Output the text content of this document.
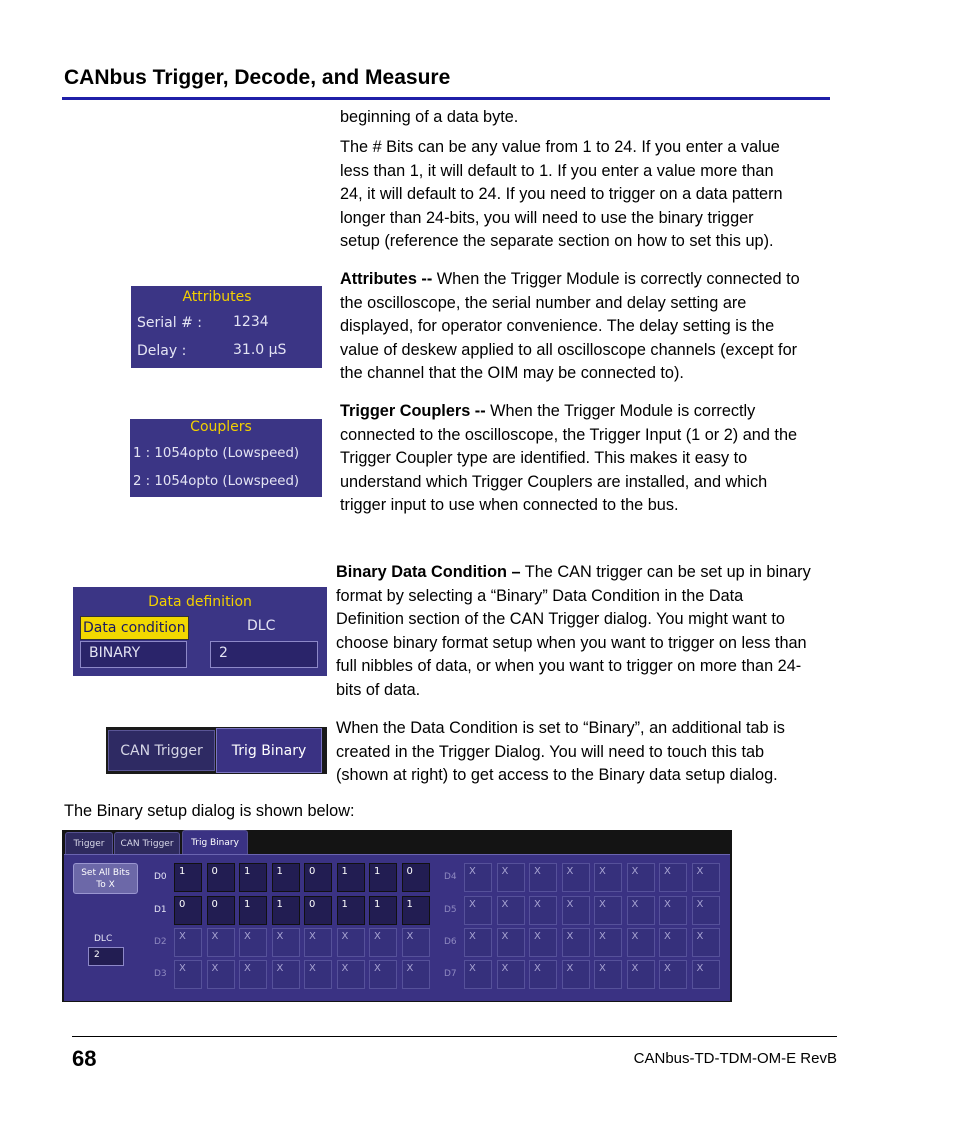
CANbus Trigger, Decode, and Measure
beginning of a data byte.
The # Bits can be any value from 1 to 24. If you enter a value
less than 1, it will default to 1. If you enter a value more than
24, it will default to 24. If you need to trigger on a data pattern
longer than 24-bits, you will need to use the binary trigger
setup (reference the separate section on how to set this up).
Attributes
Serial # : 1234
Delay :	31.0 µS
Attributes -- When the Trigger Module is correctly connected to
the oscilloscope, the serial number and delay setting are
displayed, for operator convenience. The delay setting is the
value of deskew applied to all oscilloscope channels (except for
the channel that the OIM may be connected to).
Couplers
1 : 1054opto (Lowspeed)
2 : 1054opto (Lowspeed)
Trigger Couplers -- When the Trigger Module is correctly
connected to the oscilloscope, the Trigger Input (1 or 2) and the
Trigger Coupler type are identified. This makes it easy to
understand which Trigger Couplers are installed, and which
trigger input to use when connected to the bus.
Data definition
Data condition	DLC
BINARY	2
Binary Data Condition – The CAN trigger can be set up in binary
format by selecting a “Binary” Data Condition in the Data
Definition section of the CAN Trigger dialog. You might want to
choose binary format setup when you want to trigger on less than
full nibbles of data, or when you want to trigger on more than 24-
bits of data.
CAN Trigger	Trig Binary
When the Data Condition is set to “Binary”, an additional tab is
created in the Trigger Dialog. You will need to touch this tab
(shown at right) to get access to the Binary data setup dialog.
The Binary setup dialog is shown below:
Trigger	CAN Trigger	Trig Binary
Set All Bits
To X
DLC
2
D0	1	0	1	1	0	1	1	0
D1	0	0	1	1	0	1	1	1
D2	X	X	X	X	X	X	X	X
D3	X	X	X	X	X	X	X	X
D4	X	X	X	X	X	X	X	X
D5	X	X	X	X	X	X	X	X
D6	X	X	X	X	X	X	X	X
D7	X	X	X	X	X	X	X	X
68	CANbus-TD-TDM-OM-E RevB
